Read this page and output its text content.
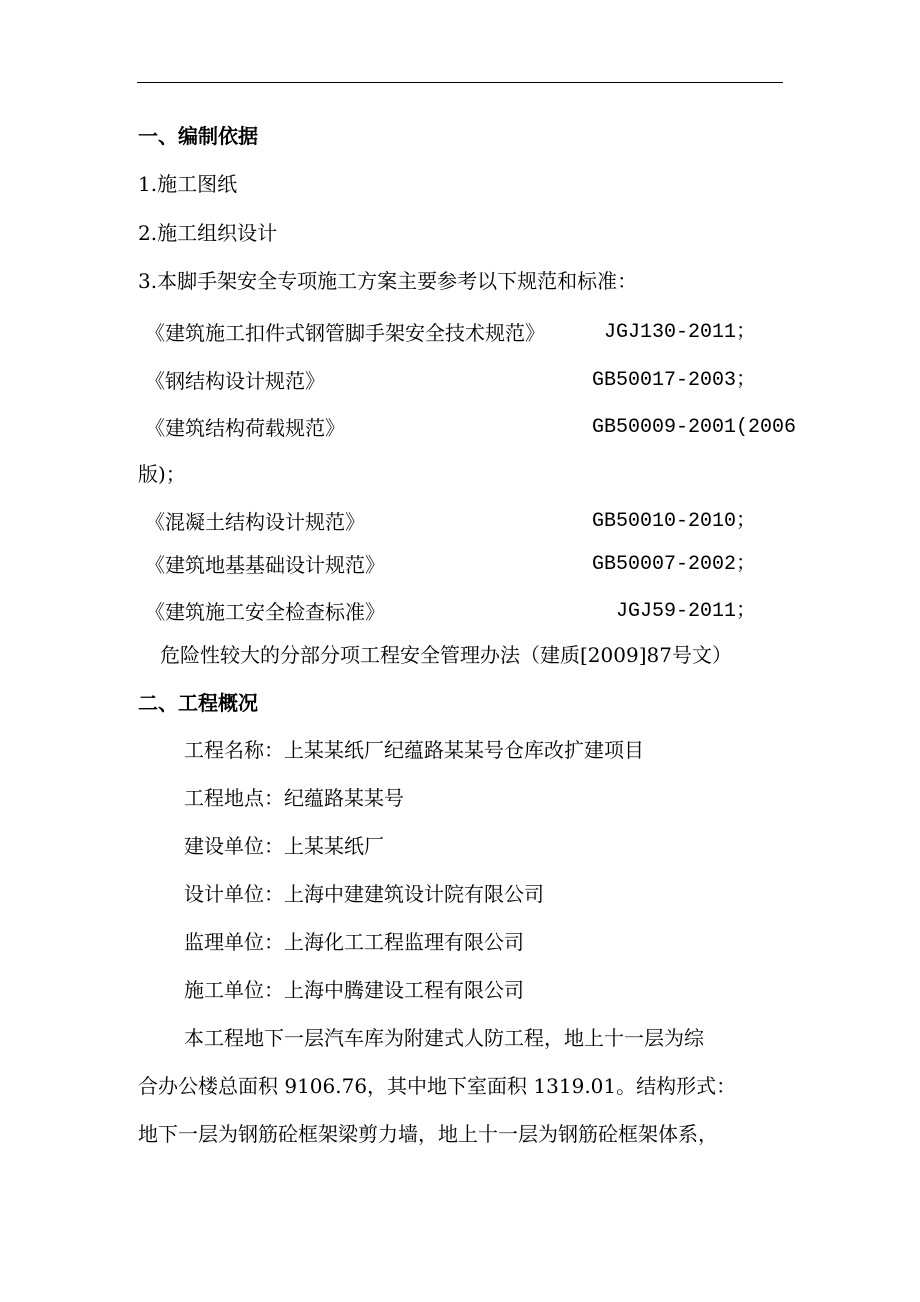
一、编制依据
1.施工图纸
2.施工组织设计
3.本脚手架安全专项施工方案主要参考以下规范和标准：
《建筑施工扣件式钢管脚手架安全技术规范》	JGJ130-2011；
《钢结构设计规范》	GB50017-2003；
《建筑结构荷载规范》	GB50009-2001(2006
版)；
《混凝土结构设计规范》	GB50010-2010；
《建筑地基基础设计规范》	GB50007-2002；
《建筑施工安全检查标准》	JGJ59-2011；
危险性较大的分部分项工程安全管理办法（建质[2009]87号文）
二、工程概况
工程名称：上某某纸厂纪蕴路某某号仓库改扩建项目
工程地点：纪蕴路某某号
建设单位：上某某纸厂
设计单位：上海中建建筑设计院有限公司
监理单位：上海化工工程监理有限公司
施工单位：上海中腾建设工程有限公司
本工程地下一层汽车库为附建式人防工程，地上十一层为综
合办公楼总面积 9106.76，其中地下室面积 1319.01。结构形式：
地下一层为钢筋砼框架梁剪力墙，地上十一层为钢筋砼框架体系，
